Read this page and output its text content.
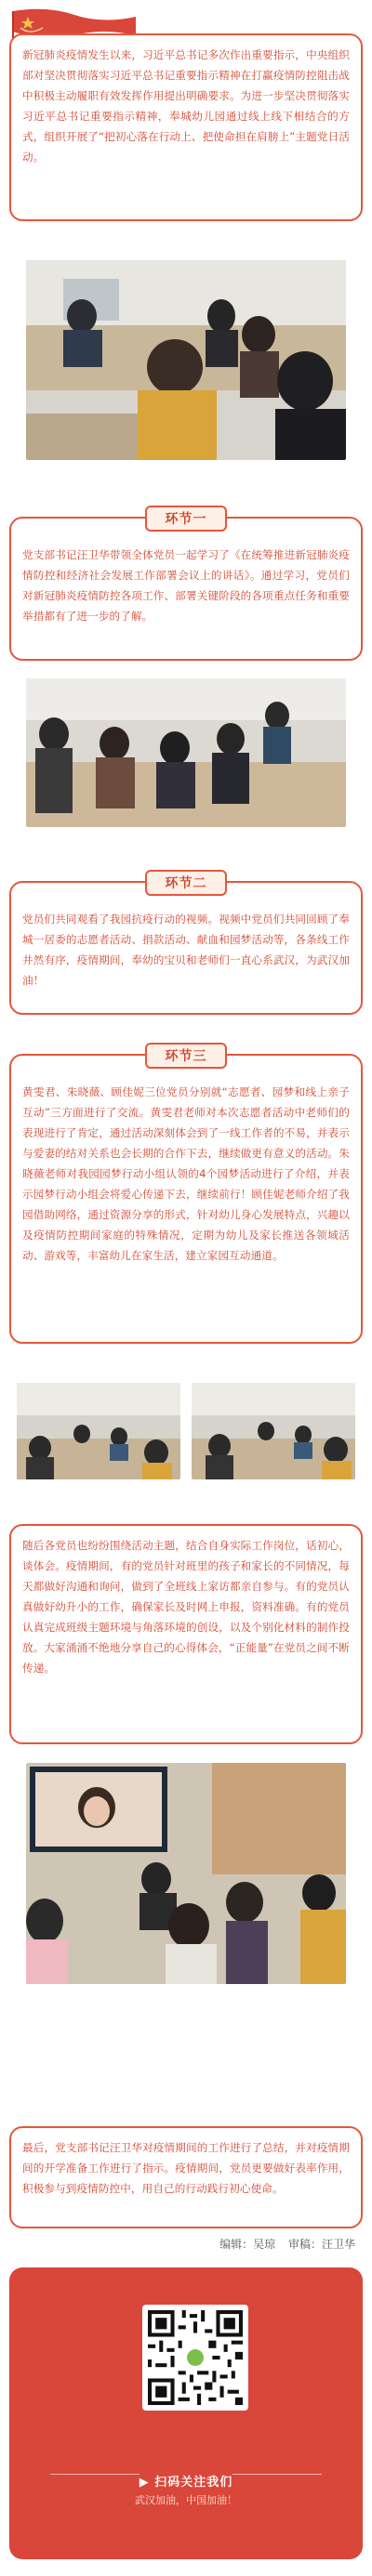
新冠肺炎疫情发生以来，习近平总书记多次作出重要指示，中央组织部对坚决贯彻落实习近平总书记重要指示精神在打赢疫情防控阻击战中积极主动履职有效发挥作用提出明确要求。为进一步坚决贯彻落实习近平总书记重要指示精神，奉城幼儿园通过线上线下相结合的方式，组织开展了“把初心落在行动上、把使命担在肩膀上”主题党日活动。

环节一

党支部书记汪卫华带领全体党员一起学习了《在统筹推进新冠肺炎疫情防控和经济社会发展工作部署会议上的讲话》。通过学习，党员们对新冠肺炎疫情防控各项工作、部署关键阶段的各项重点任务和重要举措都有了进一步的了解。

环节二

党员们共同观看了我园抗疫行动的视频。视频中党员们共同回顾了奉城一居委的志愿者活动、捐款活动、献血和园梦活动等，各条线工作井然有序，疫情期间，奉幼的宝贝和老师们一直心系武汉，为武汉加油！

环节三

黄雯君、朱晓薇、顾佳妮三位党员分别就“志愿者、园梦和线上亲子互动”三方面进行了交流。黄雯君老师对本次志愿者活动中老师们的表现进行了肯定，通过活动深刻体会到了一线工作者的不易，并表示与爱妻的结对关系也会长期的合作下去，继续做更有意义的活动。朱晓薇老师对我园园梦行动小组认领的4个园梦活动进行了介绍，并表示园梦行动小组会将爱心传递下去，继续前行！顾佳妮老师介绍了我园借助网络，通过资源分享的形式，针对幼儿身心发展特点，兴趣以及疫情防控期间家庭的特殊情况，定期为幼儿及家长推送各领域活动、游戏等，丰富幼儿在家生活，建立家园互动通道。

随后各党员也纷纷围绕活动主题，结合自身实际工作岗位，话初心，谈体会。疫情期间，有的党员针对班里的孩子和家长的不同情况，每天都做好沟通和询问，做到了全班线上家访都亲自参与。有的党员认真做好幼升小的工作，确保家长及时网上申报，资料准确。有的党员认真完成班级主题环境与角落环境的创设，以及个别化材料的制作投放。大家涌涌不绝地分享自己的心得体会，“正能量”在党员之间不断传递。

最后，党支部书记汪卫华对疫情期间的工作进行了总结，并对疫情期间的开学准备工作进行了指示。疫情期间，党员更要做好表率作用，积极参与到疫情防控中，用自己的行动践行初心使命。

编辑：吴琼 审稿：汪卫华
▶ 扫码关注我们
武汉加油，中国加油！
